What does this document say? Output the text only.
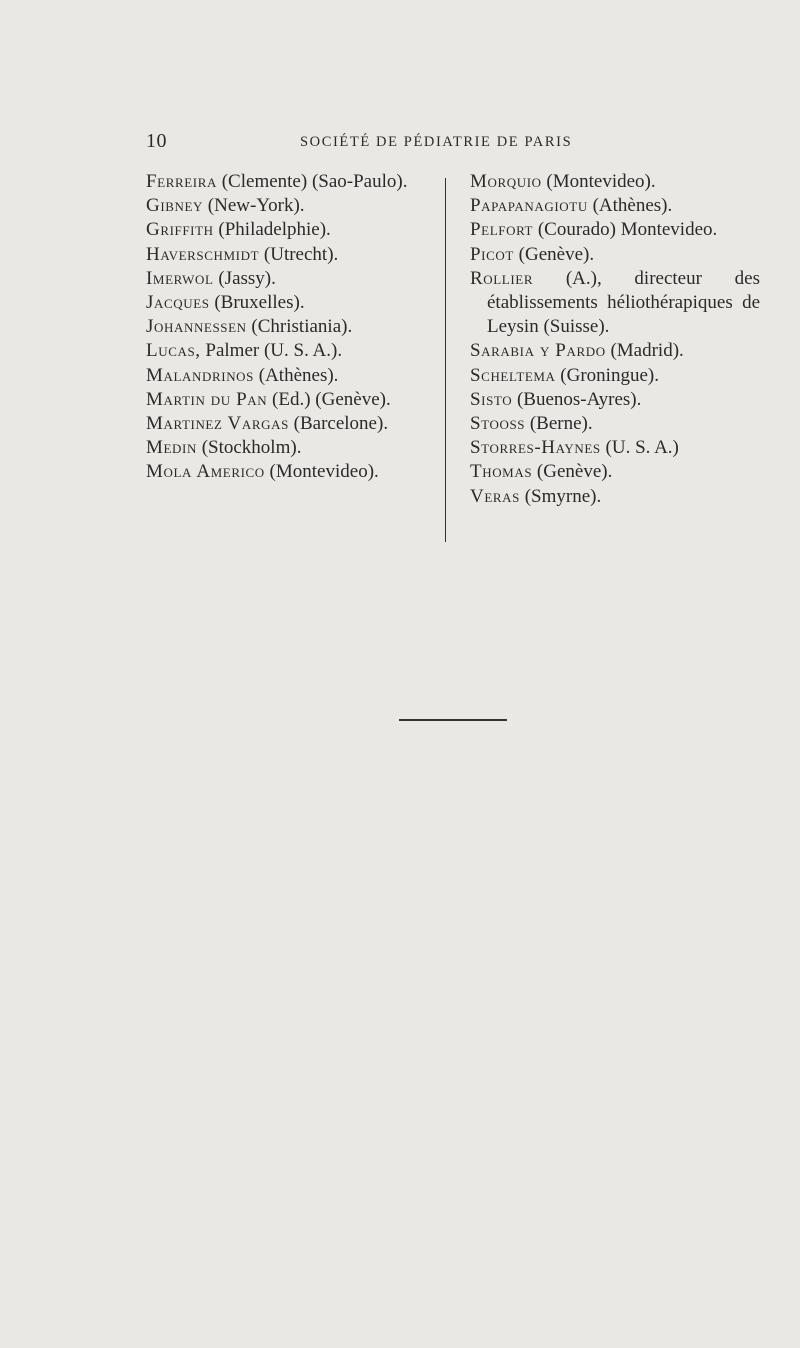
10	SOCIÉTÉ DE PÉDIATRIE DE PARIS
Ferreira (Clemente) (Sao-Paulo).
Gibney (New-York).
Griffith (Philadelphie).
Haverschmidt (Utrecht).
Imerwol (Jassy).
Jacques (Bruxelles).
Johannessen (Christiania).
Lucas, Palmer (U. S. A.).
Malandrinos (Athènes).
Martin du Pan (Ed.) (Genève).
Martinez Vargas (Barcelone).
Medin (Stockholm).
Mola Americo (Montevideo).
Morquio (Montevideo).
Papapanagiotu (Athènes).
Pelfort (Courado) Montevideo.
Picot (Genève).
Rollier (A.), directeur des établissements héliothérapiques de Leysin (Suisse).
Sarabia y Pardo (Madrid).
Scheltema (Groningue).
Sisto (Buenos-Ayres).
Stooss (Berne).
Storres-Haynes (U. S. A.)
Thomas (Genève).
Veras (Smyrne).
